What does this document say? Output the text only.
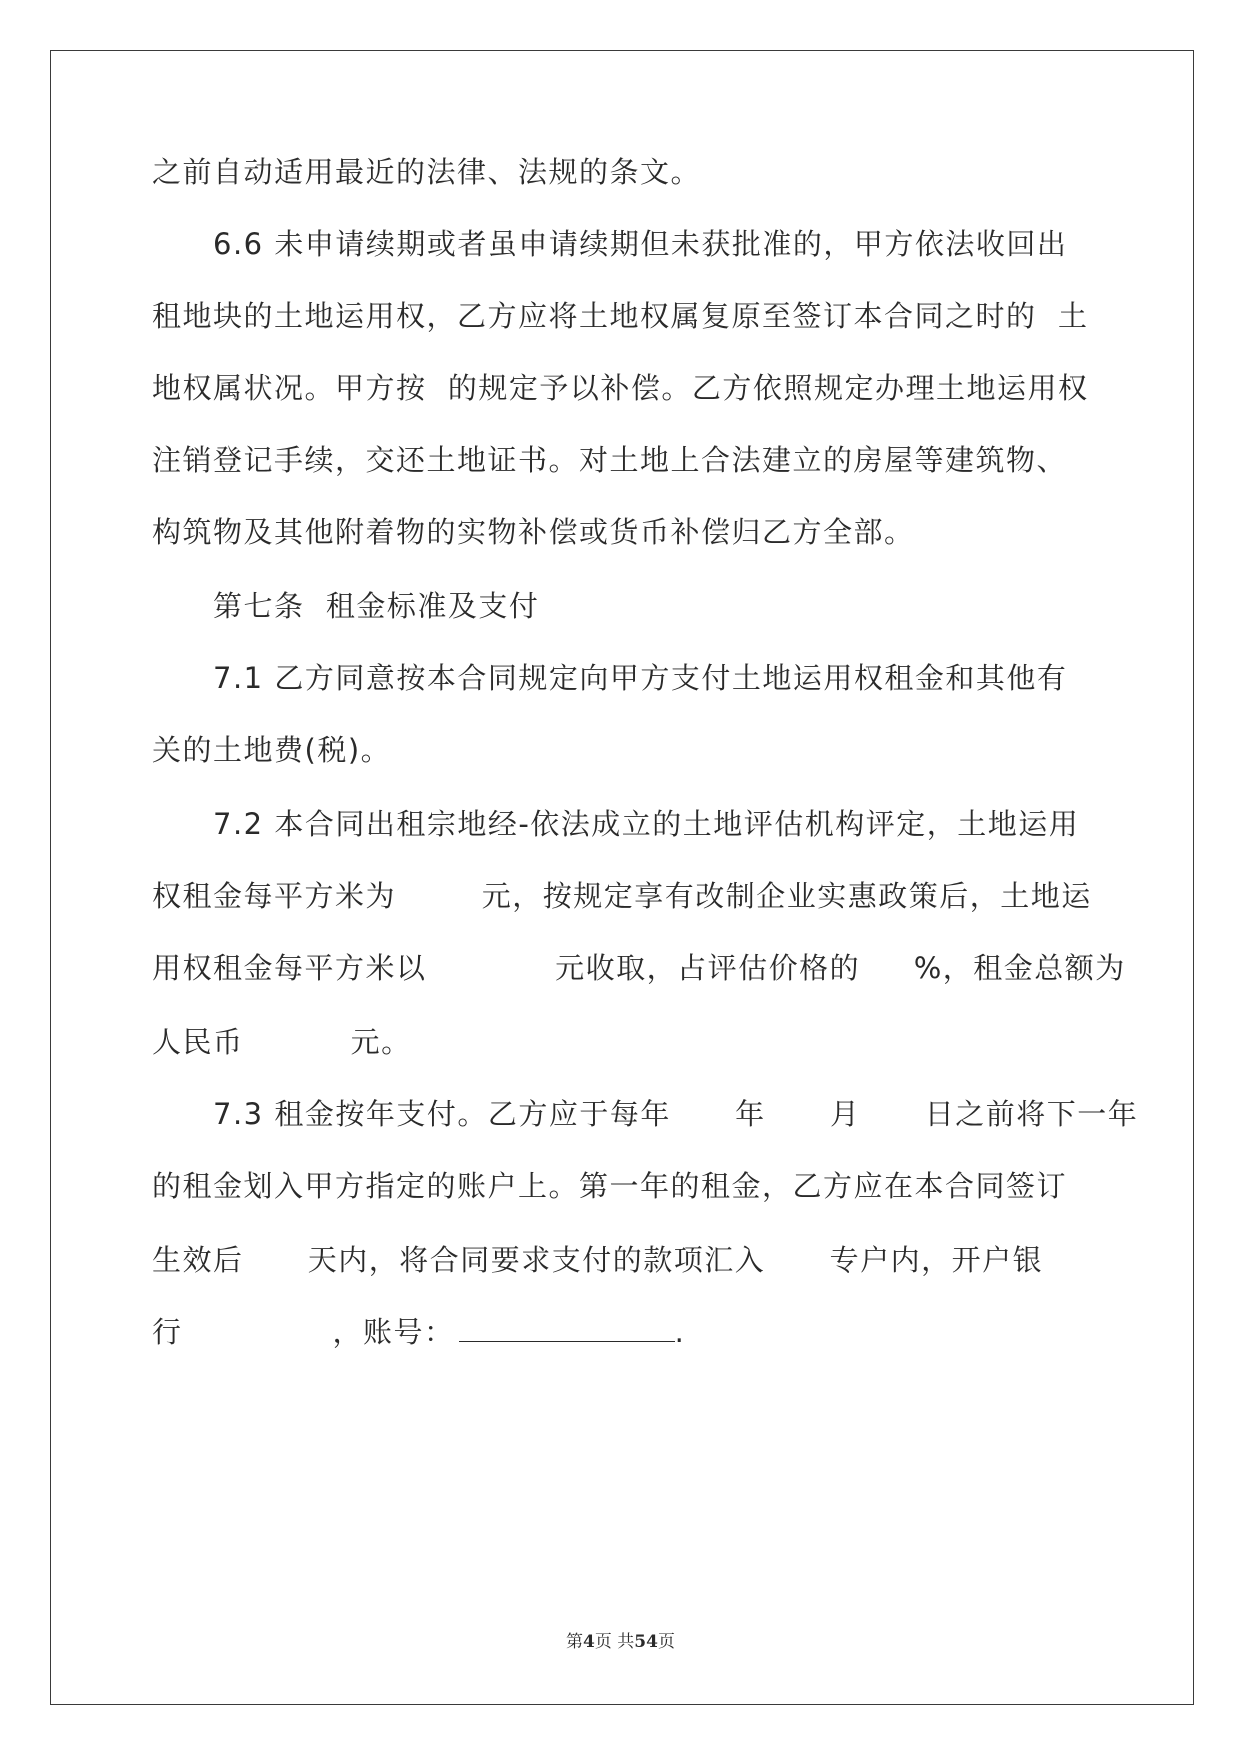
之前自动适用最近的法律、法规的条文。
6.6 未申请续期或者虽申请续期但未获批准的，甲方依法收回出
租地块的土地运用权，乙方应将土地权属复原至签订本合同之时的  土
地权属状况。甲方按  的规定予以补偿。乙方依照规定办理土地运用权
注销登记手续，交还土地证书。对土地上合法建立的房屋等建筑物、
构筑物及其他附着物的实物补偿或货币补偿归乙方全部。
第七条  租金标准及支付
7.1 乙方同意按本合同规定向甲方支付土地运用权租金和其他有
关的土地费(税)。
7.2 本合同出租宗地经-依法成立的土地评估机构评定，土地运用
权租金每平方米为        元，按规定享有改制企业实惠政策后，土地运
用权租金每平方米以            元收取，占评估价格的     %，租金总额为
人民币          元。
7.3 租金按年支付。乙方应于每年      年      月      日之前将下一年
的租金划入甲方指定的账户上。第一年的租金，乙方应在本合同签订
生效后      天内，将合同要求支付的款项汇入      专户内，开户银
行              ，账号：	.
第4页 共54页
